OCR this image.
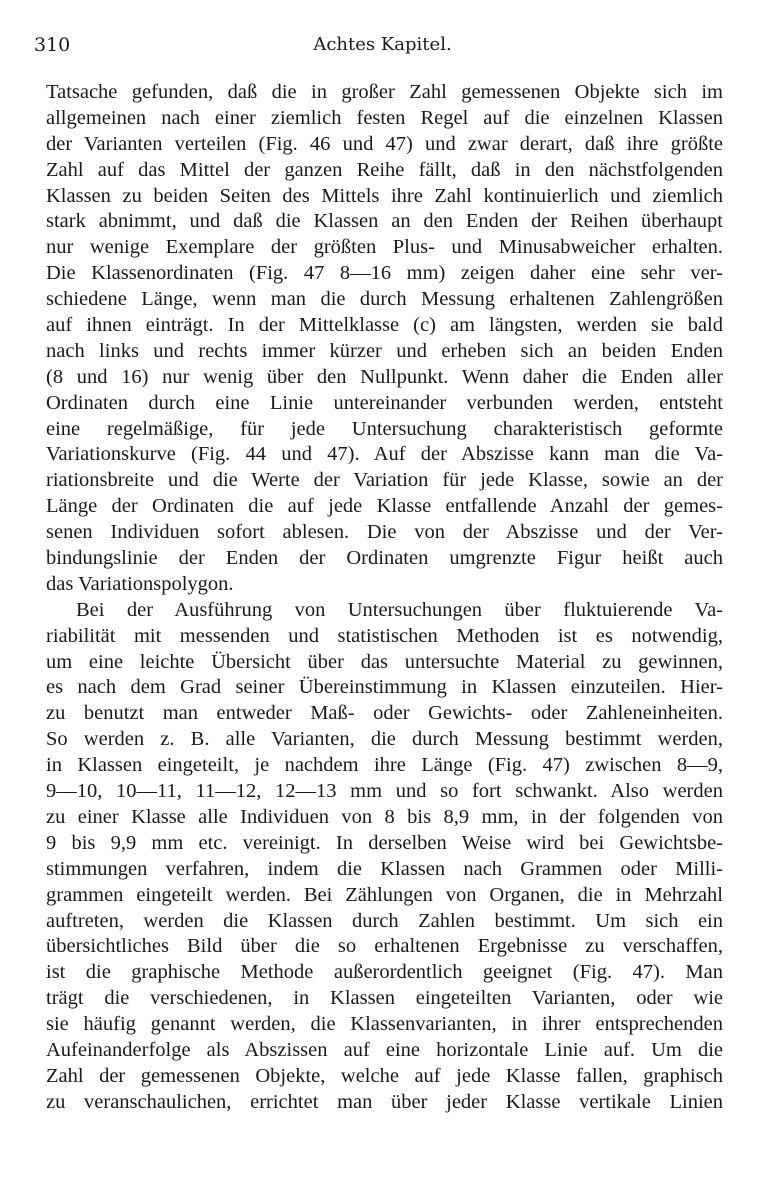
310	Achtes Kapitel.
Tatsache gefunden, daß die in großer Zahl gemessenen Objekte sich im
allgemeinen nach einer ziemlich festen Regel auf die einzelnen Klassen
der Varianten verteilen (Fig. 46 und 47) und zwar derart, daß ihre größte
Zahl auf das Mittel der ganzen Reihe fällt, daß in den nächstfolgenden
Klassen zu beiden Seiten des Mittels ihre Zahl kontinuierlich und ziemlich
stark abnimmt, und daß die Klassen an den Enden der Reihen überhaupt
nur wenige Exemplare der größten Plus- und Minusabweicher erhalten.
Die Klassenordinaten (Fig. 47 8—16 mm) zeigen daher eine sehr ver-
schiedene Länge, wenn man die durch Messung erhaltenen Zahlengrößen
auf ihnen einträgt. In der Mittelklasse (c) am längsten, werden sie bald
nach links und rechts immer kürzer und erheben sich an beiden Enden
(8 und 16) nur wenig über den Nullpunkt. Wenn daher die Enden aller
Ordinaten durch eine Linie untereinander verbunden werden, entsteht
eine regelmäßige, für jede Untersuchung charakteristisch geformte
Variationskurve (Fig. 44 und 47). Auf der Abszisse kann man die Va-
riationsbreite und die Werte der Variation für jede Klasse, sowie an der
Länge der Ordinaten die auf jede Klasse entfallende Anzahl der gemes-
senen Individuen sofort ablesen. Die von der Abszisse und der Ver-
bindungslinie der Enden der Ordinaten umgrenzte Figur heißt auch
das Variationspolygon.
Bei der Ausführung von Untersuchungen über fluktuierende Va-
riabilität mit messenden und statistischen Methoden ist es notwendig,
um eine leichte Übersicht über das untersuchte Material zu gewinnen,
es nach dem Grad seiner Übereinstimmung in Klassen einzuteilen. Hier-
zu benutzt man entweder Maß- oder Gewichts- oder Zahleneinheiten.
So werden z. B. alle Varianten, die durch Messung bestimmt werden,
in Klassen eingeteilt, je nachdem ihre Länge (Fig. 47) zwischen 8—9,
9—10, 10—11, 11—12, 12—13 mm und so fort schwankt. Also werden
zu einer Klasse alle Individuen von 8 bis 8,9 mm, in der folgenden von
9 bis 9,9 mm etc. vereinigt. In derselben Weise wird bei Gewichtsbe-
stimmungen verfahren, indem die Klassen nach Grammen oder Milli-
grammen eingeteilt werden. Bei Zählungen von Organen, die in Mehrzahl
auftreten, werden die Klassen durch Zahlen bestimmt. Um sich ein
übersichtliches Bild über die so erhaltenen Ergebnisse zu verschaffen,
ist die graphische Methode außerordentlich geeignet (Fig. 47). Man
trägt die verschiedenen, in Klassen eingeteilten Varianten, oder wie
sie häufig genannt werden, die Klassenvarianten, in ihrer entsprechenden
Aufeinanderfolge als Abszissen auf eine horizontale Linie auf. Um die
Zahl der gemessenen Objekte, welche auf jede Klasse fallen, graphisch
zu veranschaulichen, errichtet man über jeder Klasse vertikale Linien
